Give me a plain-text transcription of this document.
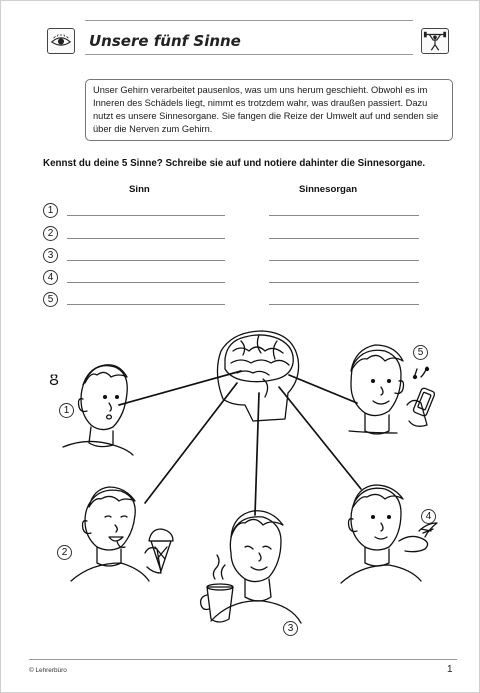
Unsere fünf Sinne

Unser Gehirn verarbeitet pausenlos, was um uns herum geschieht. Obwohl es im Inneren des Schädels liegt, nimmt es trotzdem wahr, was draußen passiert. Dazu nutzt es unsere Sinnesorgane. Sie fangen die Reize der Umwelt auf und senden sie über die Nerven zum Gehirn.

Kennst du deine 5 Sinne? Schreibe sie auf und notiere dahinter die Sinnesorgane.

Sinn	Sinnesorgan
1
2
3
4
5
1
2
3
4
5
© Lehrerbüro	1
